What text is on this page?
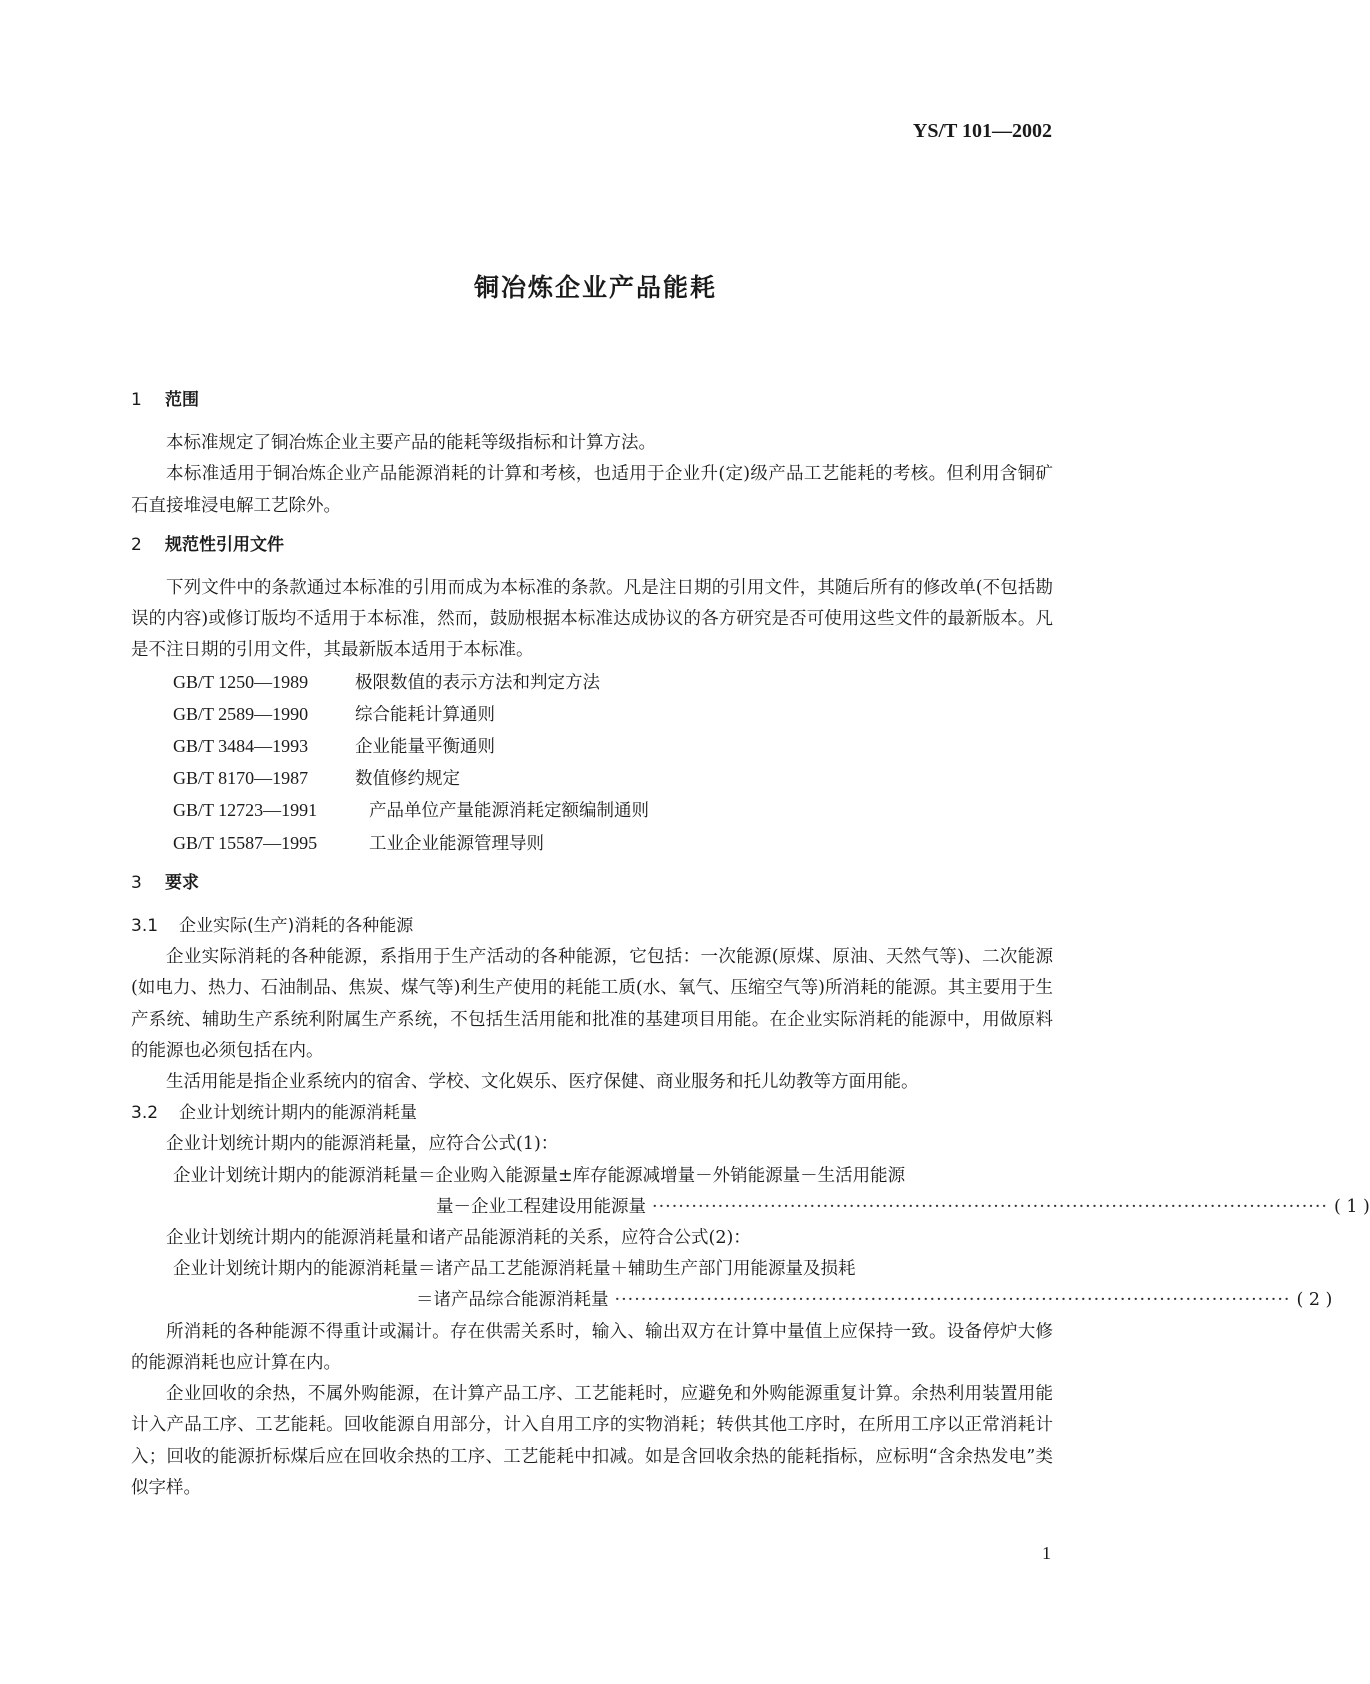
YS/T 101—2002
铜冶炼企业产品能耗
1 范围

本标准规定了铜冶炼企业主要产品的能耗等级指标和计算方法。

本标准适用于铜冶炼企业产品能源消耗的计算和考核，也适用于企业升(定)级产品工艺能耗的考核。但利用含铜矿石直接堆浸电解工艺除外。

2 规范性引用文件

下列文件中的条款通过本标准的引用而成为本标准的条款。凡是注日期的引用文件，其随后所有的修改单(不包括勘误的内容)或修订版均不适用于本标准，然而，鼓励根据本标准达成协议的各方研究是否可使用这些文件的最新版本。凡是不注日期的引用文件，其最新版本适用于本标准。

GB/T 1250—1989	极限数值的表示方法和判定方法
GB/T 2589—1990	综合能耗计算通则
GB/T 3484—1993	企业能量平衡通则
GB/T 8170—1987	数值修约规定
GB/T 12723—1991	产品单位产量能源消耗定额编制通则
GB/T 15587—1995	工业企业能源管理导则
3 要求
3.1 企业实际(生产)消耗的各种能源

企业实际消耗的各种能源，系指用于生产活动的各种能源，它包括：一次能源(原煤、原油、天然气等)、二次能源(如电力、热力、石油制品、焦炭、煤气等)利生产使用的耗能工质(水、氧气、压缩空气等)所消耗的能源。其主要用于生产系统、辅助生产系统利附属生产系统，不包括生活用能和批准的基建项目用能。在企业实际消耗的能源中，用做原料的能源也必须包括在内。

生活用能是指企业系统内的宿舍、学校、文化娱乐、医疗保健、商业服务和托儿幼教等方面用能。

3.2 企业计划统计期内的能源消耗量

企业计划统计期内的能源消耗量，应符合公式(1)：

企业计划统计期内的能源消耗量＝企业购入能源量±库存能源减增量－外销能源量－生活用能源
量－企业工程建设用能源量 ······································································································· ( 1 )

企业计划统计期内的能源消耗量和诸产品能源消耗的关系，应符合公式(2)：

企业计划统计期内的能源消耗量＝诸产品工艺能源消耗量＋辅助生产部门用能源量及损耗
＝诸产品综合能源消耗量 ······································································································· ( 2 )

所消耗的各种能源不得重计或漏计。存在供需关系时，输入、输出双方在计算中量值上应保持一致。设备停炉大修的能源消耗也应计算在内。

企业回收的余热，不属外购能源，在计算产品工序、工艺能耗时，应避免和外购能源重复计算。余热利用装置用能计入产品工序、工艺能耗。回收能源自用部分，计入自用工序的实物消耗；转供其他工序时，在所用工序以正常消耗计入；回收的能源折标煤后应在回收余热的工序、工艺能耗中扣减。如是含回收余热的能耗指标，应标明“含余热发电”类似字样。

1
